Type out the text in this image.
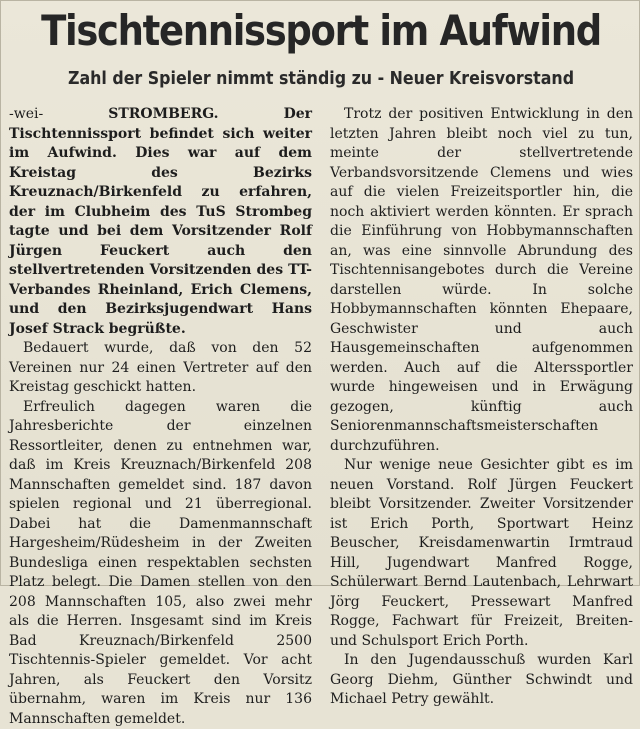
Tischtennissport im Aufwind
Zahl der Spieler nimmt ständig zu - Neuer Kreisvorstand

-wei-	STROMBERG. Der Tischtennissport befindet sich weiter im Aufwind. Dies war auf dem Kreistag des Bezirks Kreuznach/Birkenfeld zu erfahren, der im Clubheim des TuS Strombeg tagte und bei dem Vorsitzender Rolf Jürgen Feuckert auch den stellvertretenden Vorsitzenden des TT-Verbandes Rheinland, Erich Clemens, und den Bezirksjugendwart Hans Josef Strack begrüßte.

Bedauert wurde, daß von den 52 Vereinen nur 24 einen Vertreter auf den Kreistag geschickt hatten.

Erfreulich dagegen waren die Jahresberichte der einzelnen Ressortleiter, denen zu entnehmen war, daß im Kreis Kreuznach/Birkenfeld 208 Mannschaften gemeldet sind. 187 davon spielen regional und 21 überregional. Dabei hat die Damenmannschaft Hargesheim/Rüdesheim in der Zweiten Bundesliga einen respektablen sechsten Platz belegt. Die Damen stellen von den 208 Mannschaften 105, also zwei mehr als die Herren. Insgesamt sind im Kreis Bad Kreuznach/Birkenfeld 2500 Tischtennis-Spieler gemeldet. Vor acht Jahren, als Feuckert den Vorsitz übernahm, waren im Kreis nur 136 Mannschaften gemeldet.

Trotz der positiven Entwicklung in den letzten Jahren bleibt noch viel zu tun, meinte der stellvertretende Verbandsvorsitzende Clemens und wies auf die vielen Freizeitsportler hin, die noch aktiviert werden könnten. Er sprach die Einführung von Hobbymannschaften an, was eine sinnvolle Abrundung des Tischtennisangebotes durch die Vereine darstellen würde. In solche Hobbymannschaften könnten Ehepaare, Geschwister und auch Hausgemeinschaften aufgenommen werden. Auch auf die Alterssportler wurde hingeweisen und in Erwägung gezogen, künftig auch Seniorenmannschaftsmeisterschaften durchzuführen.

Nur wenige neue Gesichter gibt es im neuen Vorstand. Rolf Jürgen Feuckert bleibt Vorsitzender. Zweiter Vorsitzender ist Erich Porth, Sportwart Heinz Beuscher, Kreisdamenwartin Irmtraud Hill, Jugendwart Manfred Rogge, Schülerwart Bernd Lautenbach, Lehrwart Jörg Feuckert, Pressewart Manfred Rogge, Fachwart für Freizeit, Breiten- und Schulsport Erich Porth.

In den Jugendausschuß wurden Karl Georg Diehm, Günther Schwindt und Michael Petry gewählt.
